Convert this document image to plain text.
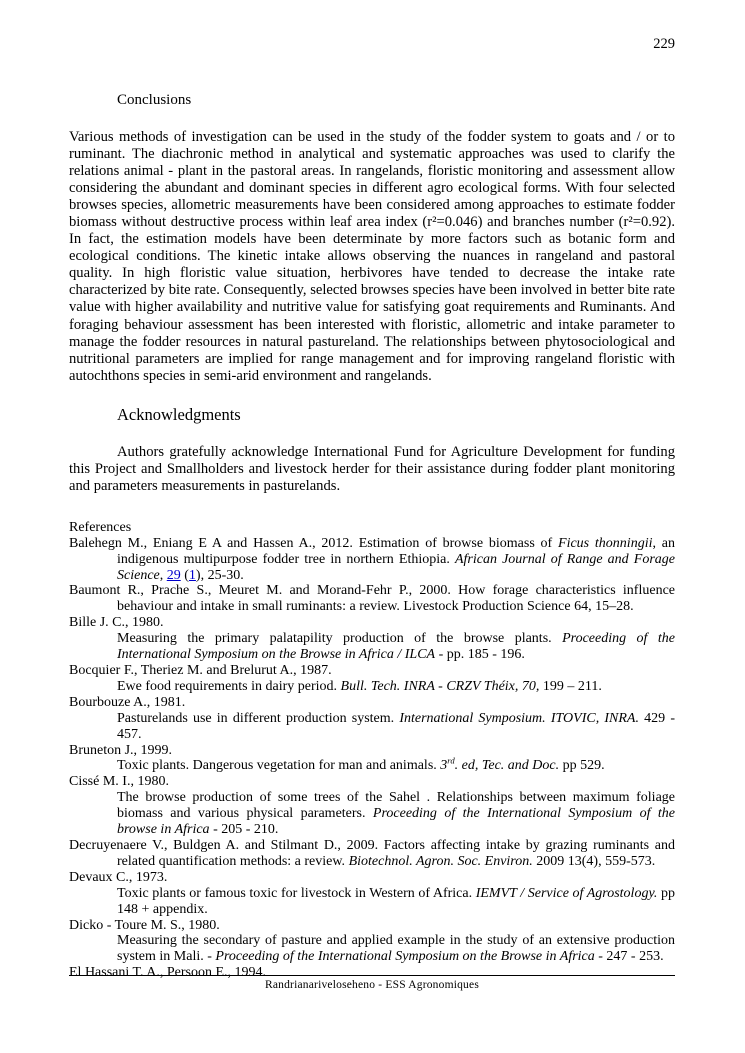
229
Conclusions

Various methods of investigation can be used in the study of the fodder system to goats and / or to ruminant. The diachronic method in analytical and systematic approaches was used to clarify the relations animal - plant in the pastoral areas. In rangelands, floristic monitoring and assessment allow considering the abundant and dominant species in different agro ecological forms. With four selected browses species, allometric measurements have been considered among approaches to estimate fodder biomass without destructive process within leaf area index (r²=0.046) and branches number (r²=0.92). In fact, the estimation models have been determinate by more factors such as botanic form and ecological conditions. The kinetic intake allows observing the nuances in rangeland and pastoral quality. In high floristic value situation, herbivores have tended to decrease the intake rate characterized by bite rate. Consequently, selected browses species have been involved in better bite rate value with higher availability and nutritive value for satisfying goat requirements and Ruminants. And foraging behaviour assessment has been interested with floristic, allometric and intake parameter to manage the fodder resources in natural pastureland. The relationships between phytosociological and nutritional parameters are implied for range management and for improving rangeland floristic with autochthons species in semi-arid environment and rangelands.

Acknowledgments

Authors gratefully acknowledge International Fund for Agriculture Development for funding this Project and Smallholders and livestock herder for their assistance during fodder plant monitoring and parameters measurements in pasturelands.

References

Balehegn M., Eniang E A and Hassen A., 2012. Estimation of browse biomass of Ficus thonningii, an indigenous multipurpose fodder tree in northern Ethiopia. African Journal of Range and Forage Science, 29 (1), 25-30.

Baumont R., Prache S., Meuret M. and Morand-Fehr P., 2000. How forage characteristics influence behaviour and intake in small ruminants: a review. Livestock Production Science 64, 15–28.

Bille J. C., 1980.
Measuring the primary palatapility production of the browse plants. Proceeding of the International Symposium on the Browse in Africa / ILCA - pp. 185 - 196.

Bocquier F., Theriez M. and Brelurut A., 1987.
Ewe food requirements in dairy period. Bull. Tech. INRA - CRZV Théix, 70, 199 – 211.

Bourbouze A., 1981.
Pasturelands use in different production system. International Symposium. ITOVIC, INRA. 429 - 457.

Bruneton J., 1999.
Toxic plants. Dangerous vegetation for man and animals. 3rd. ed, Tec. and Doc. pp 529.

Cissé M. I., 1980.
The browse production of some trees of the Sahel . Relationships between maximum foliage biomass and various physical parameters. Proceeding of the International Symposium of the browse in Africa - 205 - 210.

Decruyenaere V., Buldgen A. and Stilmant D., 2009. Factors affecting intake by grazing ruminants and related quantification methods: a review. Biotechnol. Agron. Soc. Environ. 2009 13(4), 559-573.

Devaux C., 1973.
Toxic plants or famous toxic for livestock in Western of Africa. IEMVT / Service of Agrostology. pp 148 + appendix.

Dicko - Toure M. S., 1980.
Measuring the secondary of pasture and applied example in the study of an extensive production system in Mali. - Proceeding of the International Symposium on the Browse in Africa - 247 - 253.

El Hassani T. A., Persoon E., 1994.

Randrianariveloseheno - ESS Agronomiques
